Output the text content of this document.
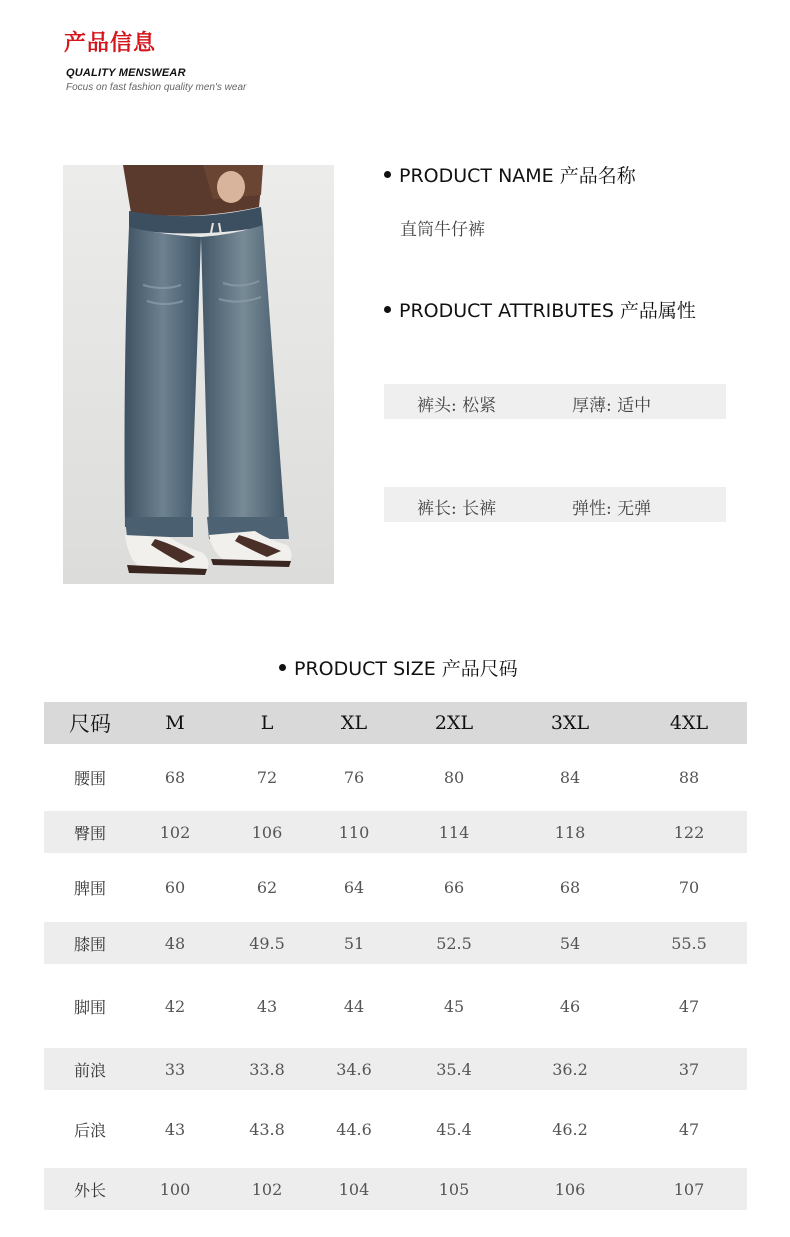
产品信息
QUALITY MENSWEAR
Focus on fast fashion quality men's wear
PRODUCT NAME 产品名称
直筒牛仔裤
PRODUCT ATTRIBUTES 产品属性
裤头: 松紧	厚薄: 适中
裤长: 长裤	弹性: 无弹
PRODUCT SIZE 产品尺码
尺码	M	L	XL	2XL	3XL	4XL
腰围	68	72	76	80	84	88
臀围	102	106	110	114	118	122
脾围	60	62	64	66	68	70
膝围	48	49.5	51	52.5	54	55.5
脚围	42	43	44	45	46	47
前浪	33	33.8	34.6	35.4	36.2	37
后浪	43	43.8	44.6	45.4	46.2	47
外长	100	102	104	105	106	107
